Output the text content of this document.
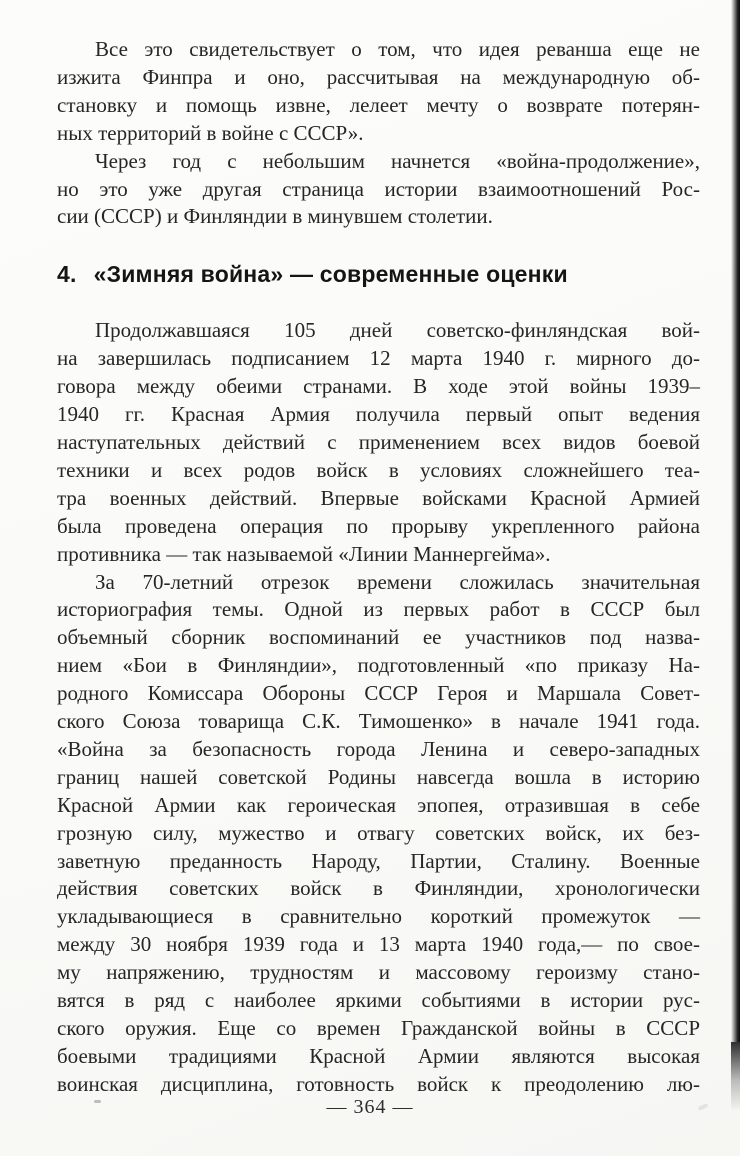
Все это свидетельствует о том, что идея реванша еще не
изжита Финпра и оно, рассчитывая на международную об-
становку и помощь извне, лелеет мечту о возврате потерян-
ных территорий в войне с СССР».
Через год с небольшим начнется «война-продолжение»,
но это уже другая страница истории взаимоотношений Рос-
сии (СССР) и Финляндии в минувшем столетии.
4. «Зимняя война» — современные оценки
Продолжавшаяся 105 дней советско-финляндская вой-
на завершилась подписанием 12 марта 1940 г. мирного до-
говора между обеими странами. В ходе этой войны 1939–
1940 гг. Красная Армия получила первый опыт ведения
наступательных действий с применением всех видов боевой
техники и всех родов войск в условиях сложнейшего теа-
тра военных действий. Впервые войсками Красной Армией
была проведена операция по прорыву укрепленного района
противника — так называемой «Линии Маннергейма».
За 70-летний отрезок времени сложилась значительная
историография темы. Одной из первых работ в СССР был
объемный сборник воспоминаний ее участников под назва-
нием «Бои в Финляндии», подготовленный «по приказу На-
родного Комиссара Обороны СССР Героя и Маршала Совет-
ского Союза товарища С.К. Тимошенко» в начале 1941 года.
«Война за безопасность города Ленина и северо-западных
границ нашей советской Родины навсегда вошла в историю
Красной Армии как героическая эпопея, отразившая в себе
грозную силу, мужество и отвагу советских войск, их без-
заветную преданность Народу, Партии, Сталину. Военные
действия советских войск в Финляндии, хронологически
укладывающиеся в сравнительно короткий промежуток —
между 30 ноября 1939 года и 13 марта 1940 года,— по свое-
му напряжению, трудностям и массовому героизму стано-
вятся в ряд с наиболее яркими событиями в истории рус-
ского оружия. Еще со времен Гражданской войны в СССР
боевыми традициями Красной Армии являются высокая
воинская дисциплина, готовность войск к преодолению лю-
— 364 —
